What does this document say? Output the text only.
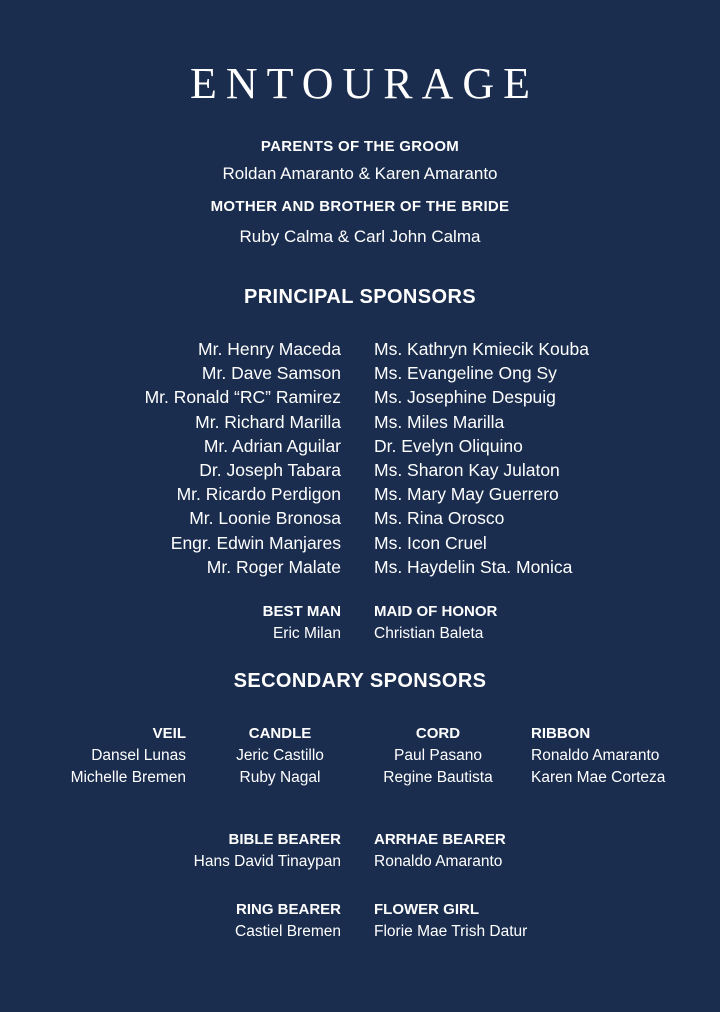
ENTOURAGE
PARENTS OF THE GROOM
Roldan Amaranto & Karen Amaranto
MOTHER AND BROTHER OF THE BRIDE
Ruby Calma & Carl John Calma
PRINCIPAL SPONSORS
Mr. Henry Maceda
Mr. Dave Samson
Mr. Ronald “RC” Ramirez
Mr. Richard Marilla
Mr. Adrian Aguilar
Dr. Joseph Tabara
Mr. Ricardo Perdigon
Mr. Loonie Bronosa
Engr. Edwin Manjares
Mr. Roger Malate
Ms. Kathryn Kmiecik Kouba
Ms. Evangeline Ong Sy
Ms. Josephine Despuig
Ms. Miles Marilla
Dr. Evelyn Oliquino
Ms. Sharon Kay Julaton
Ms. Mary May Guerrero
Ms. Rina Orosco
Ms. Icon Cruel
Ms. Haydelin Sta. Monica
BEST MAN
Eric Milan
MAID OF HONOR
Christian Baleta
SECONDARY SPONSORS
VEIL
Dansel Lunas
Michelle Bremen
CANDLE
Jeric Castillo
Ruby Nagal
CORD
Paul Pasano
Regine Bautista
RIBBON
Ronaldo Amaranto
Karen Mae Corteza
BIBLE BEARER
Hans David Tinaypan
ARRHAE BEARER
Ronaldo Amaranto
RING BEARER
Castiel Bremen
FLOWER GIRL
Florie Mae Trish Datur
